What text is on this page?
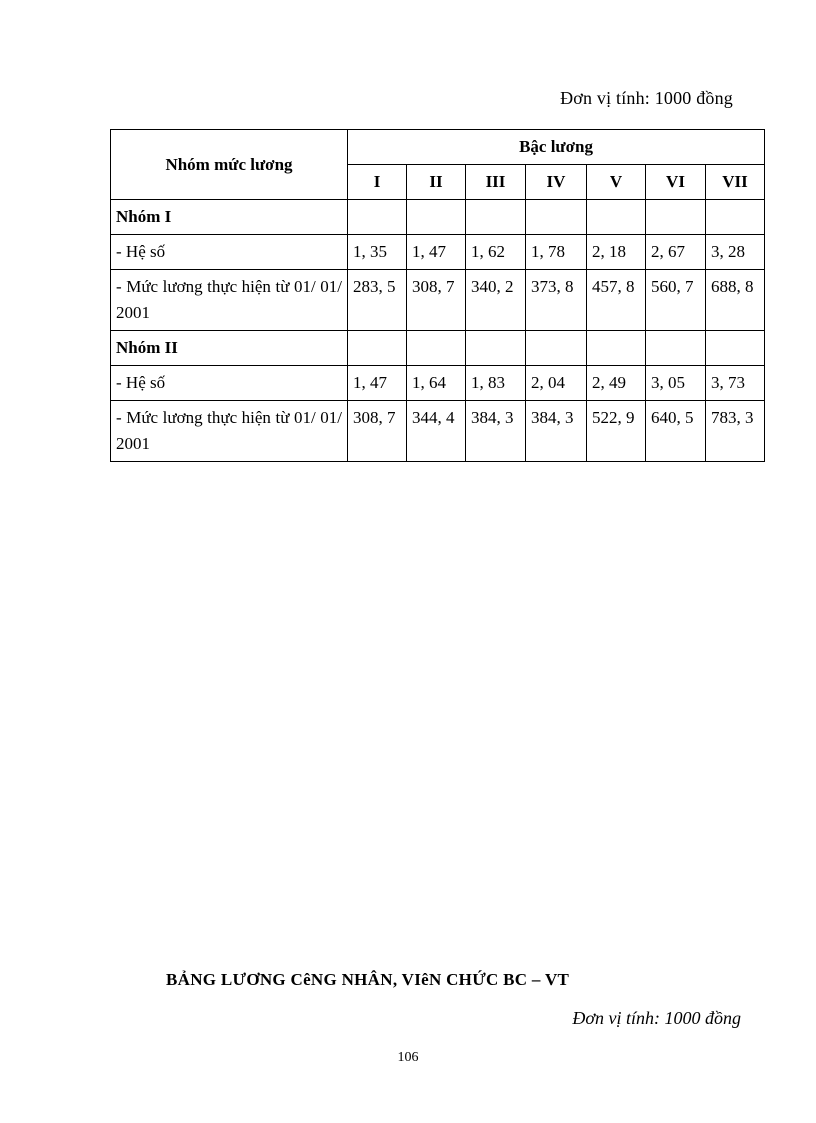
Đơn vị tính: 1000 đồng
Nhóm mức lương	Bậc lương						
	I	II	III	IV	V	VI	VII
Nhóm I							
- Hệ số	1, 35	1, 47	1, 62	1, 78	2, 18	2, 67	3, 28
- Mức lương thực hiện từ 01/ 01/ 2001	283, 5	308, 7	340, 2	373, 8	457, 8	560, 7	688, 8

Nhóm II							
- Hệ số	1, 47	1, 64	1, 83	2, 04	2, 49	3, 05	3, 73
- Mức lương thực hiện từ 01/ 01/ 2001	308, 7	344, 4	384, 3	384, 3	522, 9	640, 5	783, 3
BẢNG LƯƠNG CêNG NHÂN, VIêN CHỨC BC – VT
Đơn vị tính: 1000 đồng
106
